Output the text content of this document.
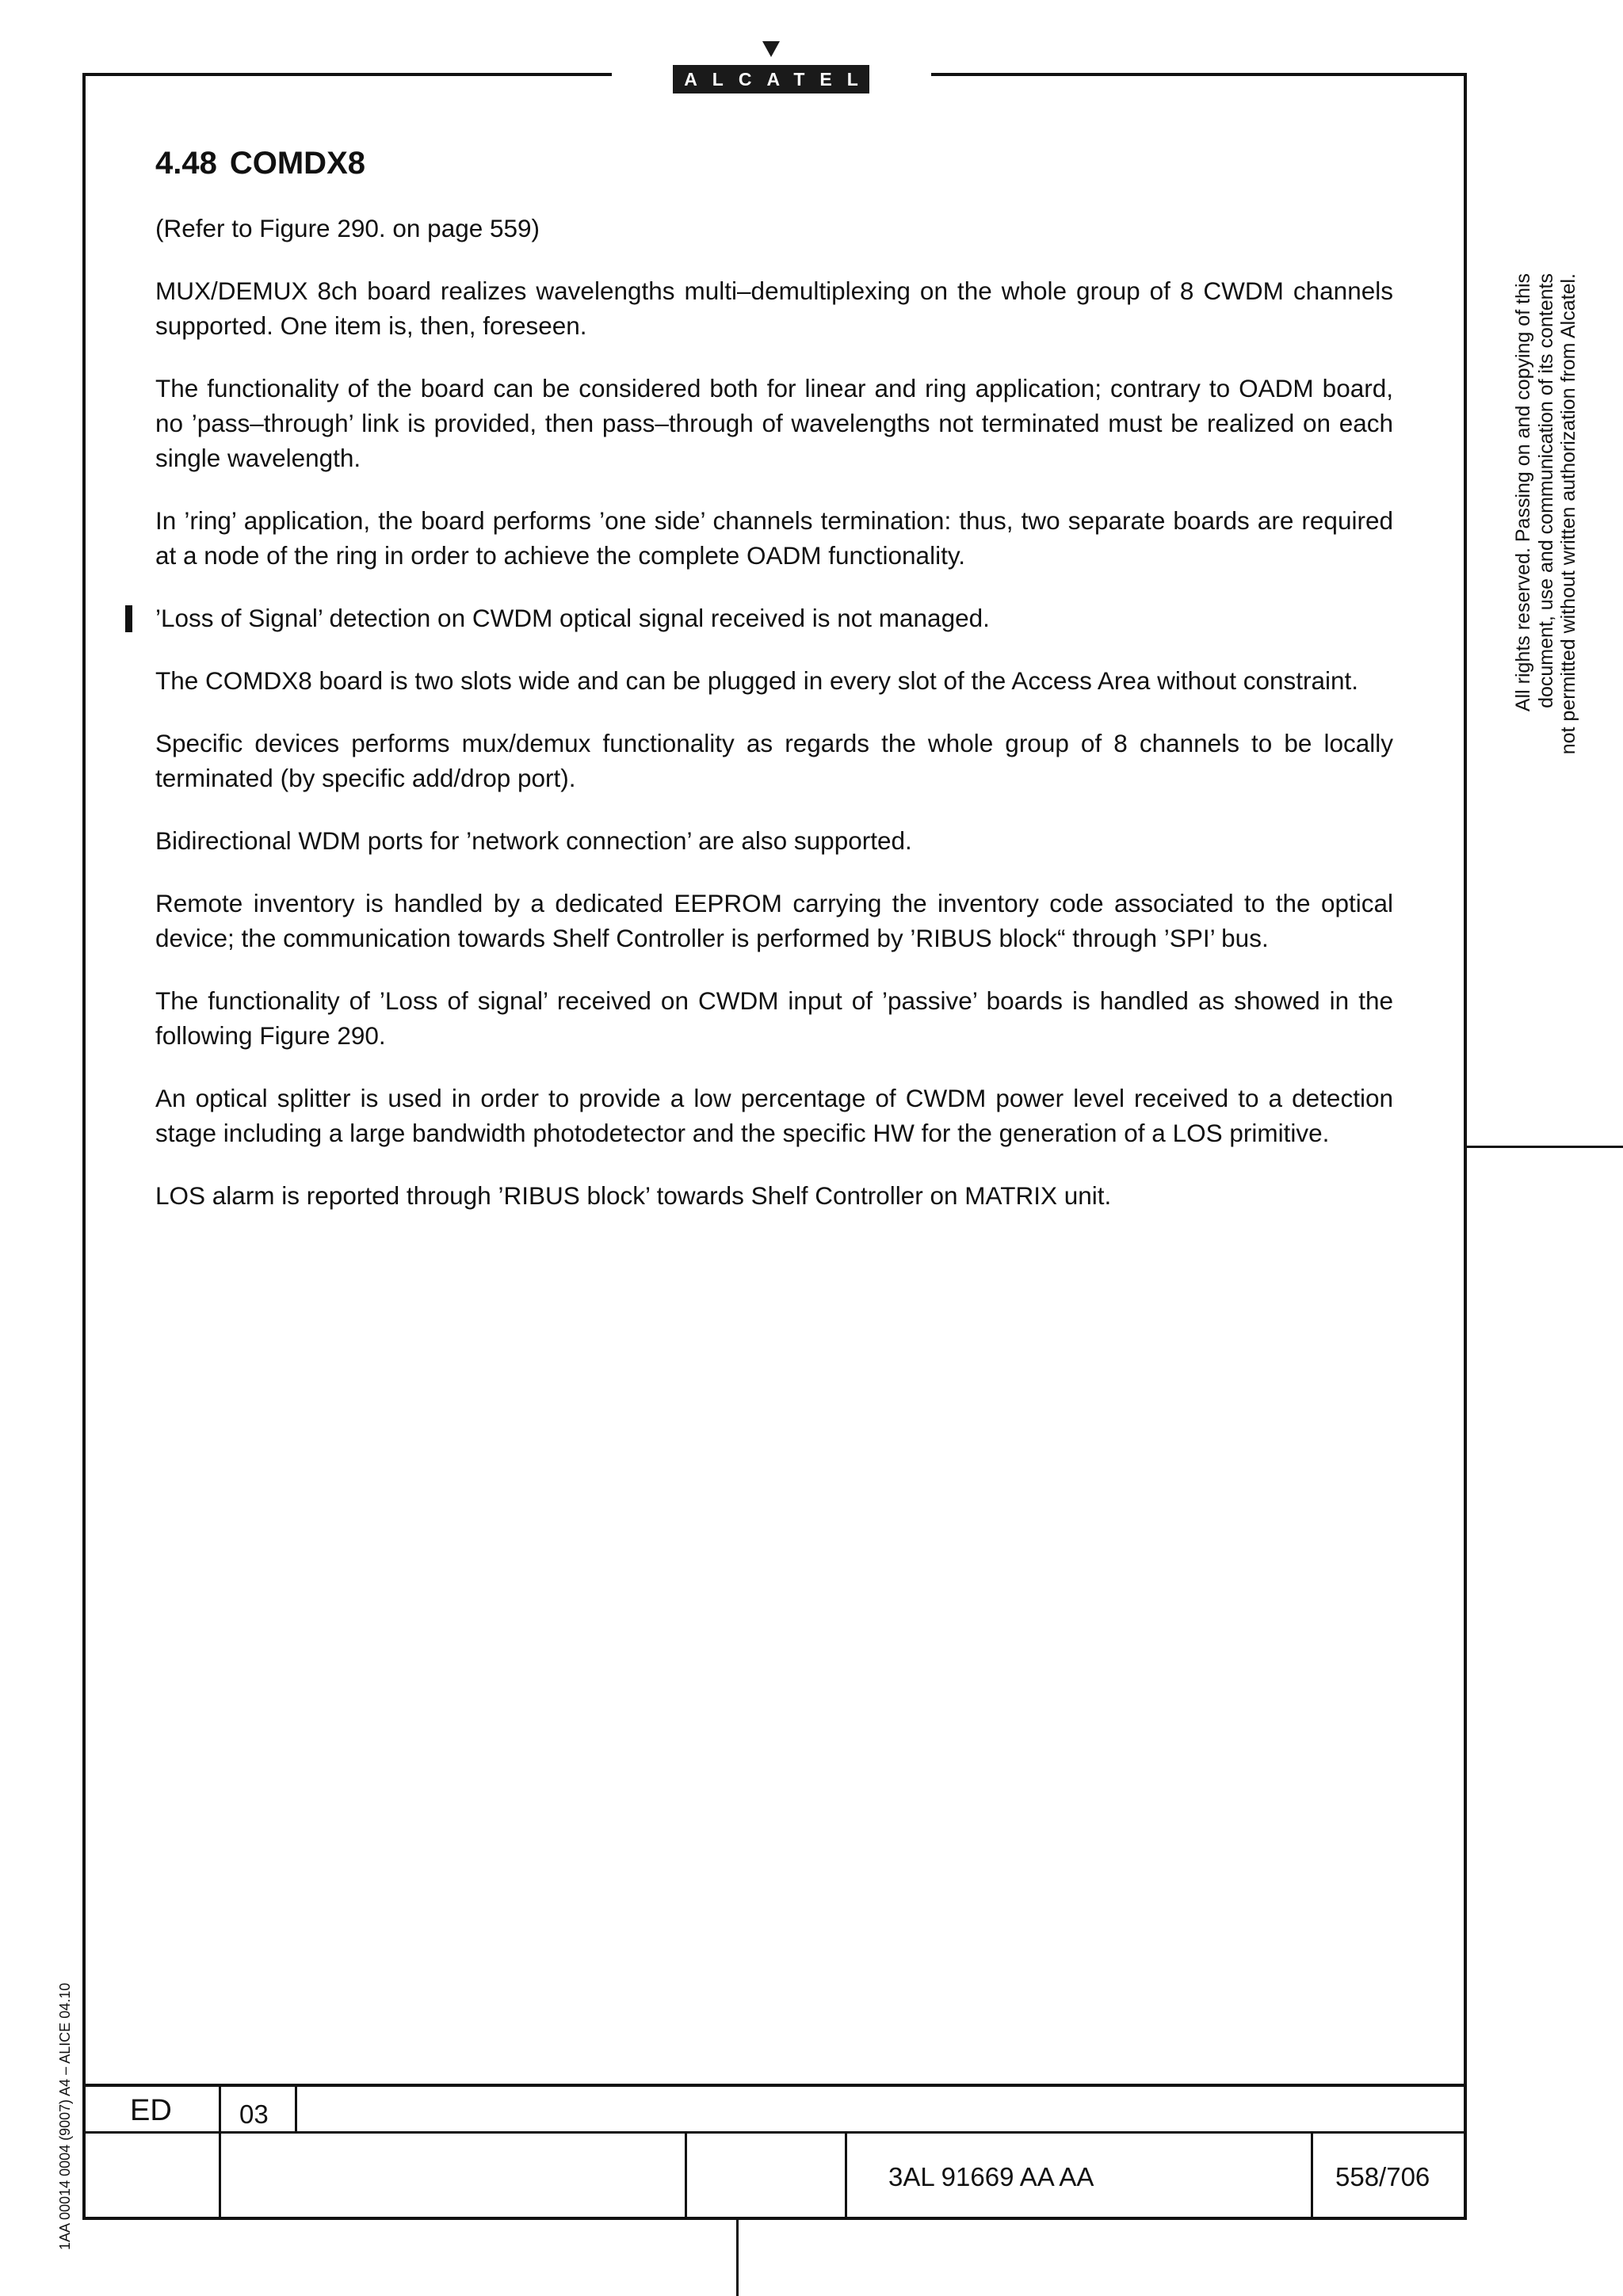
ALCATEL
4.48 COMDX8

(Refer to Figure 290. on page 559)

MUX/DEMUX 8ch board realizes wavelengths multi–demultiplexing on the whole group of 8 CWDM channels supported. One item is, then, foreseen.

The functionality of the board can be considered both for linear and ring application; contrary to OADM board, no ’pass–through’ link is provided, then pass–through of wavelengths not terminated must be realized on each single wavelength.

In ’ring’ application, the board performs ’one side’ channels termination: thus, two separate boards are required at a node of the ring in order to achieve the complete OADM functionality.

’Loss of Signal’ detection on CWDM optical signal received is not managed.

The COMDX8 board is two slots wide and can be plugged in every slot of the Access Area without constraint.

Specific devices performs mux/demux functionality as regards the whole group of 8 channels to be locally terminated (by specific add/drop port).

Bidirectional WDM ports for ’network connection’ are also supported.

Remote inventory is handled by a dedicated EEPROM carrying the inventory code associated to the optical device; the communication towards Shelf Controller is performed by ’RIBUS block“ through ’SPI’ bus.

The functionality of ’Loss of signal’ received on CWDM input of ’passive’ boards is handled as showed in the following Figure 290.

An optical splitter is used in order to provide a low percentage of CWDM power level received to a detection stage including a large bandwidth photodetector and the specific HW for the generation of a LOS primitive.

LOS alarm is reported through ’RIBUS block’ towards Shelf Controller on MATRIX unit.

All rights reserved. Passing on and copying of this document, use and communication of its contents not permitted without written authorization from Alcatel.
1AA 00014 0004 (9007) A4 – ALICE 04.10 ED	03
3AL 91669 AA AA	558/706
